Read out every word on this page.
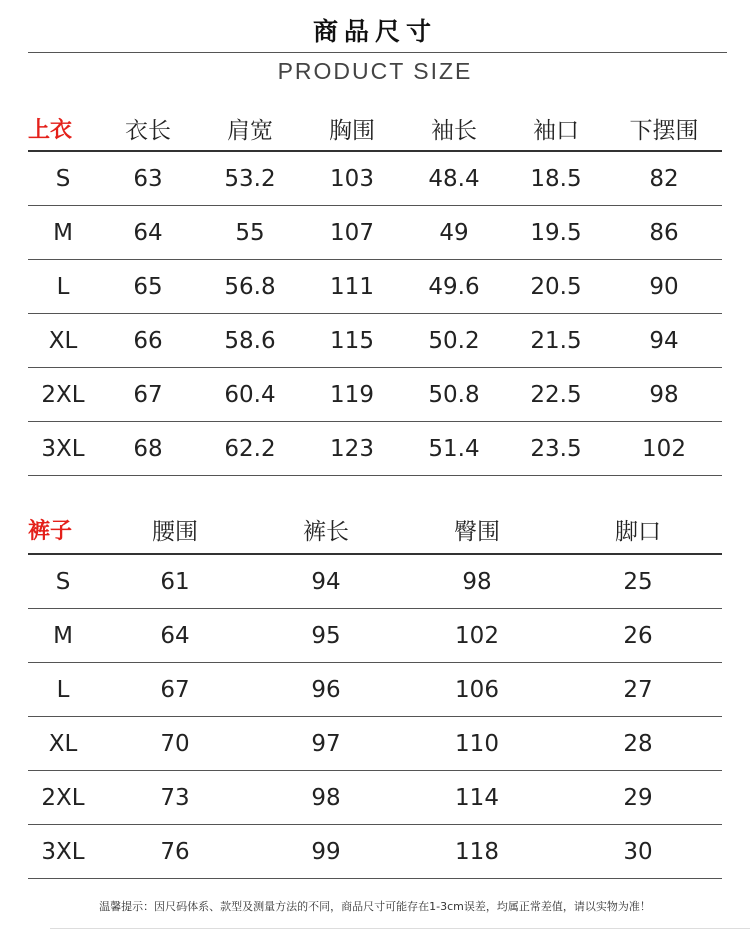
商品尺寸
PRODUCT SIZE
上衣	衣长	肩宽	胸围	袖长	袖口	下摆围
S	63	53.2	103	48.4	18.5	82
M	64	55	107	49	19.5	86
L	65	56.8	111	49.6	20.5	90
XL	66	58.6	115	50.2	21.5	94
2XL	67	60.4	119	50.8	22.5	98
3XL	68	62.2	123	51.4	23.5	102
裤子	腰围	裤长	臀围	脚口
S	61	94	98	25
M	64	95	102	26
L	67	96	106	27
XL	70	97	110	28
2XL	73	98	114	29
3XL	76	99	118	30
温馨提示：因尺码体系、款型及测量方法的不同，商品尺寸可能存在1-3cm误差，均属正常差值，请以实物为准！
